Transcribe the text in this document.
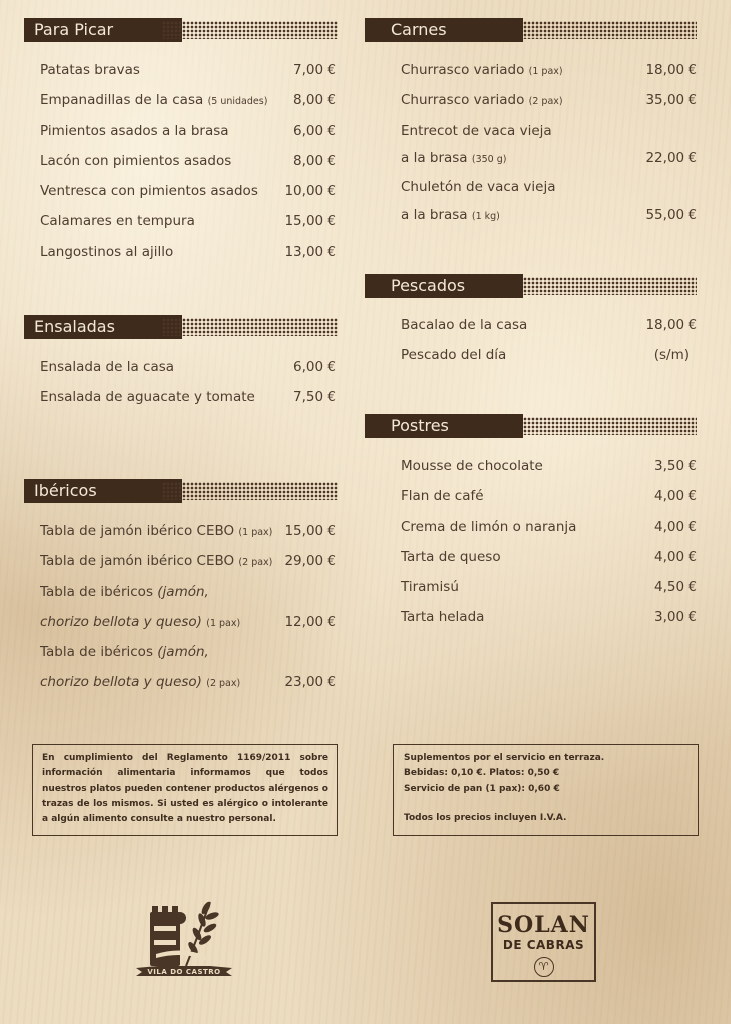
Para Picar
Patatas bravas	7,00 €
Empanadillas de la casa (5 unidades) 8,00 €
Pimientos asados a la brasa	6,00 €
Lacón con pimientos asados	8,00 €
Ventresca con pimientos asados 10,00 €
Calamares en tempura	15,00 €
Langostinos al ajillo	13,00 €
Ensaladas
Ensalada de la casa	6,00 €
Ensalada de aguacate y tomate	7,50 €
Ibéricos
Tabla de jamón ibérico CEBO (1 pax) 15,00 €
Tabla de jamón ibérico CEBO (2 pax) 29,00 €
Tabla de ibéricos (jamón,
chorizo bellota y queso) (1 pax)	12,00 €
Tabla de ibéricos (jamón,
chorizo bellota y queso) (2 pax)	23,00 €
Carnes
Churrasco variado (1 pax)	18,00 €
Churrasco variado (2 pax)	35,00 €
Entrecot de vaca vieja
a la brasa (350 g)	22,00 €
Chuletón de vaca vieja
a la brasa (1 kg)	55,00 €
Pescados
Bacalao de la casa	18,00 €
Pescado del día	(s/m)
Postres
Mousse de chocolate	3,50 €
Flan de café	4,00 €
Crema de limón o naranja	4,00 €
Tarta de queso	4,00 €
Tiramisú	4,50 €
Tarta helada	3,00 €

En cumplimiento del Reglamento 1169/2011 sobre información alimentaria informamos que todos nuestros platos pueden contener productos alérgenos o trazas de los mismos. Si usted es alérgico o intolerante a algún alimento consulte a nuestro personal.

Suplementos por el servicio en terraza.
Bebidas: 0,10 €. Platos: 0,50 €
Servicio de pan (1 pax): 0,60 €
Todos los precios incluyen I.V.A.
VILA DO CASTRO
SOLAN
DE CABRAS
♈
